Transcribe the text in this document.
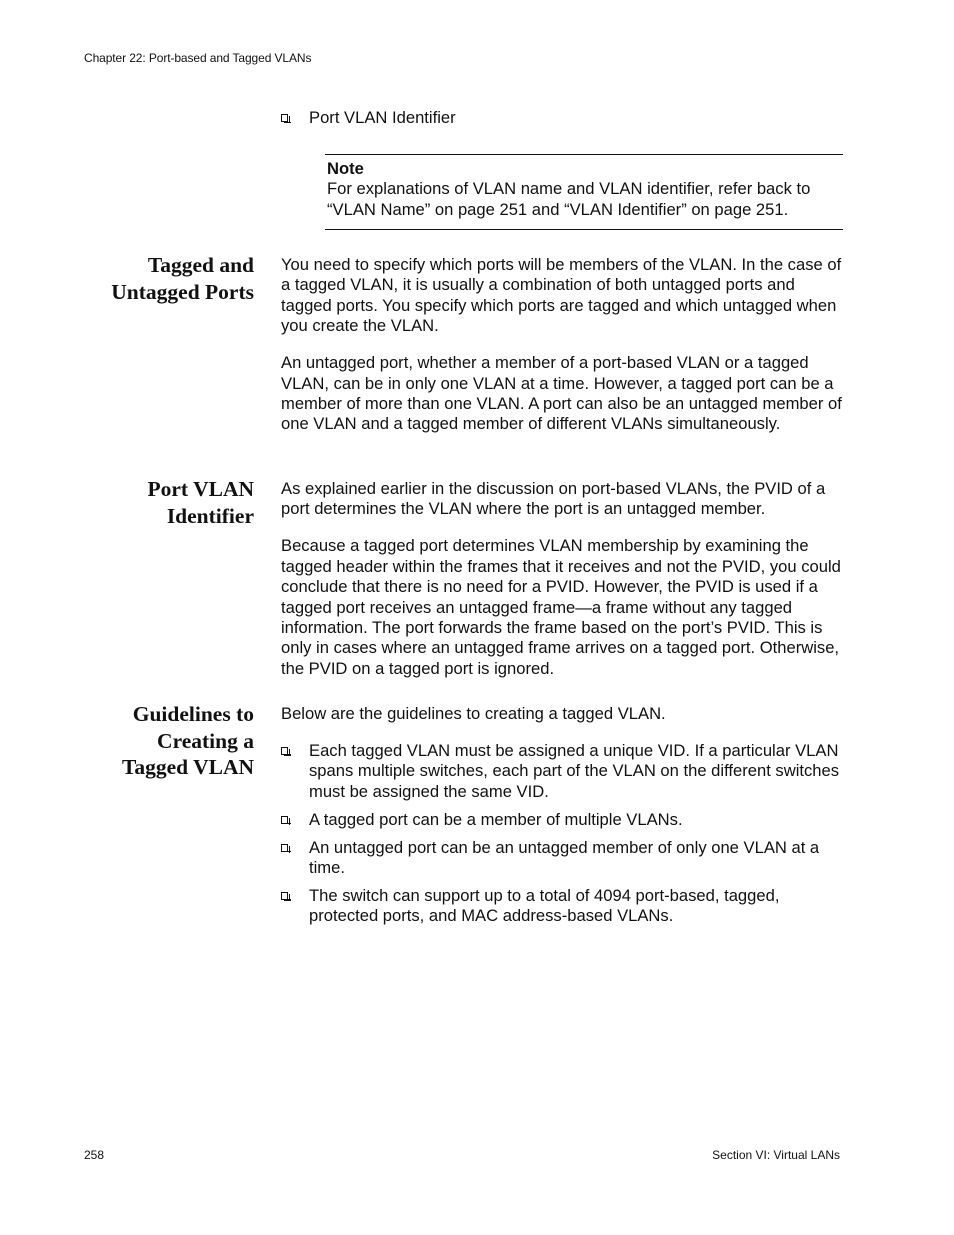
Chapter 22: Port-based and Tagged VLANs
Port VLAN Identifier
Note
For explanations of VLAN name and VLAN identifier, refer back to “VLAN Name” on page 251 and “VLAN Identifier” on page 251.
Tagged and
Untagged Ports

You need to specify which ports will be members of the VLAN. In the case of a tagged VLAN, it is usually a combination of both untagged ports and tagged ports. You specify which ports are tagged and which untagged when you create the VLAN.

An untagged port, whether a member of a port-based VLAN or a tagged VLAN, can be in only one VLAN at a time. However, a tagged port can be a member of more than one VLAN. A port can also be an untagged member of one VLAN and a tagged member of different VLANs simultaneously.

Port VLAN
Identifier

As explained earlier in the discussion on port-based VLANs, the PVID of a port determines the VLAN where the port is an untagged member.

Because a tagged port determines VLAN membership by examining the tagged header within the frames that it receives and not the PVID, you could conclude that there is no need for a PVID. However, the PVID is used if a tagged port receives an untagged frame—a frame without any tagged information. The port forwards the frame based on the port’s PVID. This is only in cases where an untagged frame arrives on a tagged port. Otherwise, the PVID on a tagged port is ignored.

Guidelines to
Creating a
Tagged VLAN

Below are the guidelines to creating a tagged VLAN.

Each tagged VLAN must be assigned a unique VID. If a particular VLAN spans multiple switches, each part of the VLAN on the different switches must be assigned the same VID.
A tagged port can be a member of multiple VLANs.
An untagged port can be an untagged member of only one VLAN at a time.
The switch can support up to a total of 4094 port-based, tagged, protected ports, and MAC address-based VLANs.
258	Section VI: Virtual LANs
